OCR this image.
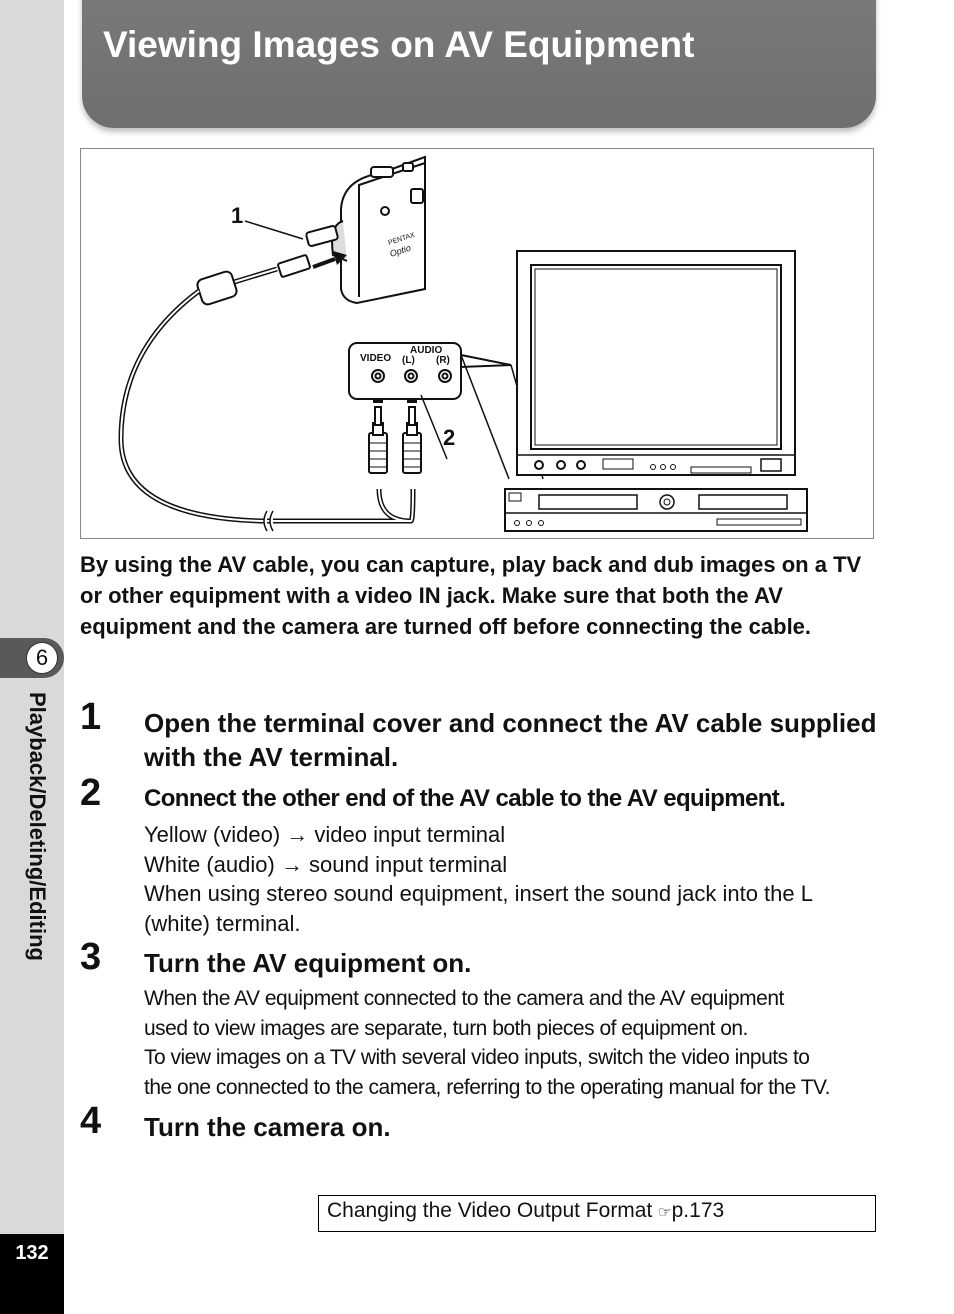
6
Playback/Deleting/Editing
132
Viewing Images on AV Equipment
PENTAX
Optio
1
2
AUDIO
VIDEO (L) (R)

By using the AV cable, you can capture, play back and dub images on a TV or other equipment with a video IN jack. Make sure that both the AV equipment and the camera are turned off before connecting the cable.

1 Open the terminal cover and connect the AV cable supplied with the AV terminal.

2 Connect the other end of the AV cable to the AV equipment.

Yellow (video) → video input terminal

White (audio) → sound input terminal

When using stereo sound equipment, insert the sound jack into the L (white) terminal.

3 Turn the AV equipment on.

When the AV equipment connected to the camera and the AV equipment

used to view images are separate, turn both pieces of equipment on.

To view images on a TV with several video inputs, switch the video inputs to

the one connected to the camera, referring to the operating manual for the TV.

4 Turn the camera on.

Changing the Video Output Format ☞p.173
